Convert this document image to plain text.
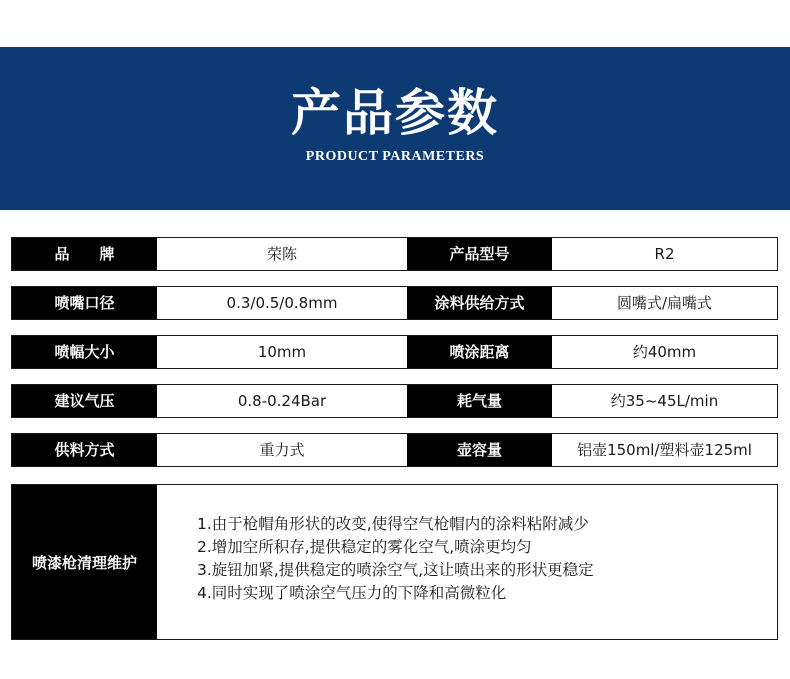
产品参数
PRODUCT PARAMETERS
品　　牌	荣陈	产品型号	R2
喷嘴口径	0.3/0.5/0.8mm	涂料供给方式	圆嘴式/扁嘴式
喷幅大小	10mm	喷涂距离	约40mm
建议气压	0.8-0.24Bar	耗气量	约35~45L/min
供料方式	重力式	壶容量	铝壶150ml/塑料壶125ml
喷漆枪清理维护
1.由于枪帽角形状的改变,使得空气枪帽内的涂料粘附减少
2.增加空所积存,提供稳定的雾化空气,喷涂更均匀
3.旋钮加紧,提供稳定的喷涂空气,这让喷出来的形状更稳定
4.同时实现了喷涂空气压力的下降和高微粒化
